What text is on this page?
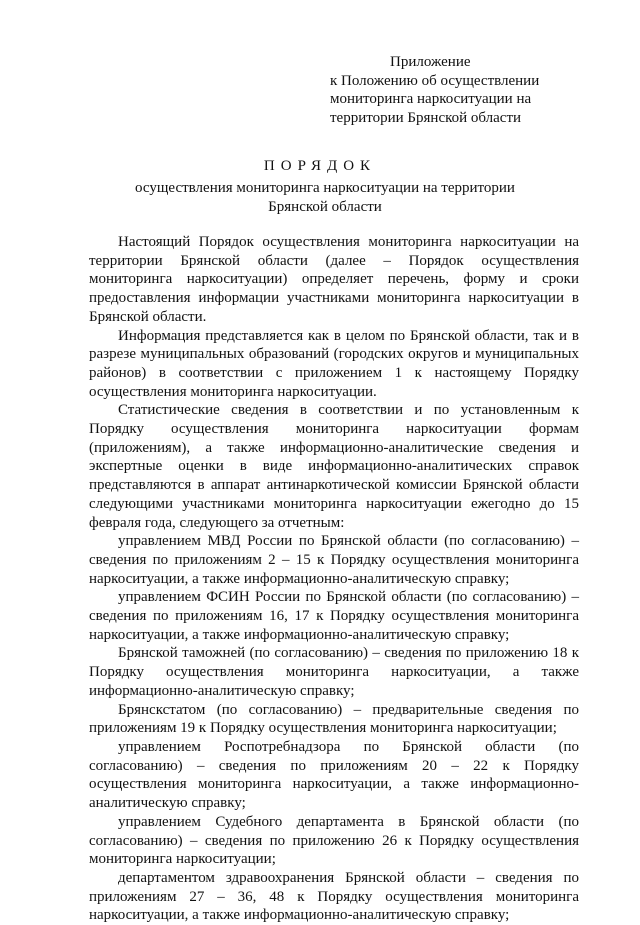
Приложение
к Положению об осуществлении
мониторинга наркоситуации на
территории Брянской области
ПОРЯДОК
осуществления мониторинга наркоситуации на территории Брянской области

Настоящий Порядок осуществления мониторинга наркоситуации на территории Брянской области (далее – Порядок осуществления мониторинга наркоситуации) определяет перечень, форму и сроки предоставления информации участниками мониторинга наркоситуации в Брянской области.

Информация представляется как в целом по Брянской области, так и в разрезе муниципальных образований (городских округов и муниципальных районов) в соответствии с приложением 1 к настоящему Порядку осуществления мониторинга наркоситуации.

Статистические сведения в соответствии и по установленным к Порядку осуществления мониторинга наркоситуации формам (приложениям), а также информационно-аналитические сведения и экспертные оценки в виде информационно-аналитических справок представляются в аппарат антинаркотической комиссии Брянской области следующими участниками мониторинга наркоситуации ежегодно до 15 февраля года, следующего за отчетным:

управлением МВД России по Брянской области (по согласованию) – сведения по приложениям 2 – 15 к Порядку осуществления мониторинга наркоситуации, а также информационно-аналитическую справку;

управлением ФСИН России по Брянской области (по согласованию) – сведения по приложениям 16, 17 к Порядку осуществления мониторинга наркоситуации, а также информационно-аналитическую справку;

Брянской таможней (по согласованию) – сведения по приложению 18 к Порядку осуществления мониторинга наркоситуации, а также информационно-аналитическую справку;

Брянскстатом (по согласованию) – предварительные сведения по приложениям 19 к Порядку осуществления мониторинга наркоситуации;

управлением Роспотребнадзора по Брянской области (по согласованию) – сведения по приложениям 20 – 22 к Порядку осуществления мониторинга наркоситуации, а также информационно-аналитическую справку;

управлением Судебного департамента в Брянской области (по согласованию) – сведения по приложению 26 к Порядку осуществления мониторинга наркоситуации;

департаментом здравоохранения Брянской области – сведения по приложениям 27 – 36, 48 к Порядку осуществления мониторинга наркоситуации, а также информационно-аналитическую справку;
